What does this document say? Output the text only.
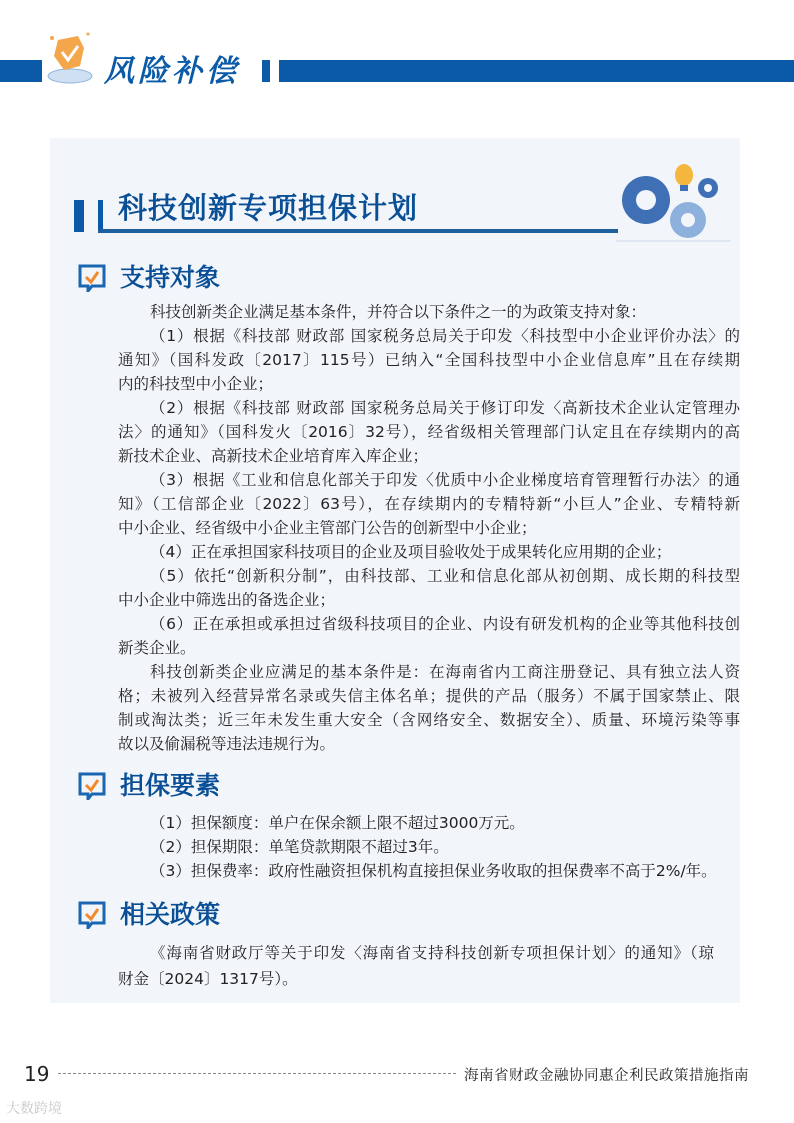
风险补偿
科技创新专项担保计划
支持对象
科技创新类企业满足基本条件，并符合以下条件之一的为政策支持对象：
（1）根据《科技部 财政部 国家税务总局关于印发〈科技型中小企业评价办法〉的
通知》（国科发政〔2017〕115号）已纳入“全国科技型中小企业信息库”且在存续期
内的科技型中小企业；
（2）根据《科技部 财政部 国家税务总局关于修订印发〈高新技术企业认定管理办
法〉的通知》（国科发火〔2016〕32号），经省级相关管理部门认定且在存续期内的高
新技术企业、高新技术企业培育库入库企业；
（3）根据《工业和信息化部关于印发〈优质中小企业梯度培育管理暂行办法〉的通
知》（工信部企业〔2022〕63号），在存续期内的专精特新“小巨人”企业、专精特新
中小企业、经省级中小企业主管部门公告的创新型中小企业；
（4）正在承担国家科技项目的企业及项目验收处于成果转化应用期的企业；
（5）依托“创新积分制”，由科技部、工业和信息化部从初创期、成长期的科技型
中小企业中筛选出的备选企业；
（6）正在承担或承担过省级科技项目的企业、内设有研发机构的企业等其他科技创
新类企业。
科技创新类企业应满足的基本条件是：在海南省内工商注册登记、具有独立法人资
格；未被列入经营异常名录或失信主体名单；提供的产品（服务）不属于国家禁止、限
制或淘汰类；近三年未发生重大安全（含网络安全、数据安全）、质量、环境污染等事
故以及偷漏税等违法违规行为。
担保要素
（1）担保额度：单户在保余额上限不超过3000万元。
（2）担保期限：单笔贷款期限不超过3年。
（3）担保费率：政府性融资担保机构直接担保业务收取的担保费率不高于2%/年。
相关政策
《海南省财政厅等关于印发〈海南省支持科技创新专项担保计划〉的通知》（琼
财金〔2024〕1317号）。
19	海南省财政金融协同惠企利民政策措施指南
大数跨境
